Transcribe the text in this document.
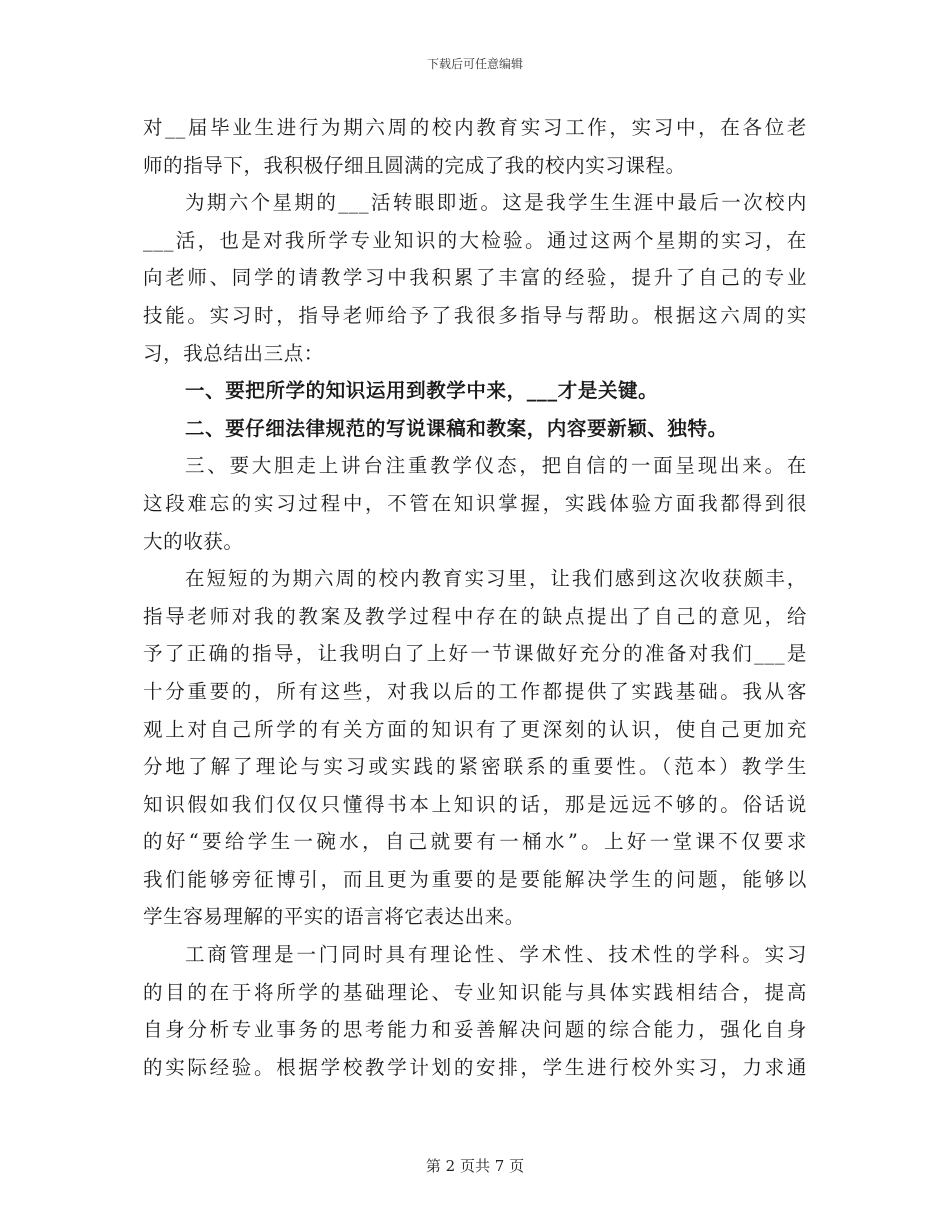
下载后可任意编辑
对__届毕业生进行为期六周的校内教育实习工作，实习中，在各位老
师的指导下，我积极仔细且圆满的完成了我的校内实习课程。
为期六个星期的___活转眼即逝。这是我学生生涯中最后一次校内
___活，也是对我所学专业知识的大检验。通过这两个星期的实习，在
向老师、同学的请教学习中我积累了丰富的经验，提升了自己的专业
技能。实习时，指导老师给予了我很多指导与帮助。根据这六周的实
习，我总结出三点：
一、要把所学的知识运用到教学中来，___才是关键。
二、要仔细法律规范的写说课稿和教案，内容要新颖、独特。
三、要大胆走上讲台注重教学仪态，把自信的一面呈现出来。在
这段难忘的实习过程中，不管在知识掌握，实践体验方面我都得到很
大的收获。
在短短的为期六周的校内教育实习里，让我们感到这次收获颇丰，
指导老师对我的教案及教学过程中存在的缺点提出了自己的意见，给
予了正确的指导，让我明白了上好一节课做好充分的准备对我们___是
十分重要的，所有这些，对我以后的工作都提供了实践基础。我从客
观上对自己所学的有关方面的知识有了更深刻的认识，使自己更加充
分地了解了理论与实习或实践的紧密联系的重要性。（范本）教学生
知识假如我们仅仅只懂得书本上知识的话，那是远远不够的。俗话说
的好“要给学生一碗水，自己就要有一桶水”。上好一堂课不仅要求
我们能够旁征博引，而且更为重要的是要能解决学生的问题，能够以
学生容易理解的平实的语言将它表达出来。
工商管理是一门同时具有理论性、学术性、技术性的学科。实习
的目的在于将所学的基础理论、专业知识能与具体实践相结合，提高
自身分析专业事务的思考能力和妥善解决问题的综合能力，强化自身
的实际经验。根据学校教学计划的安排，学生进行校外实习，力求通
第 2 页共 7 页
